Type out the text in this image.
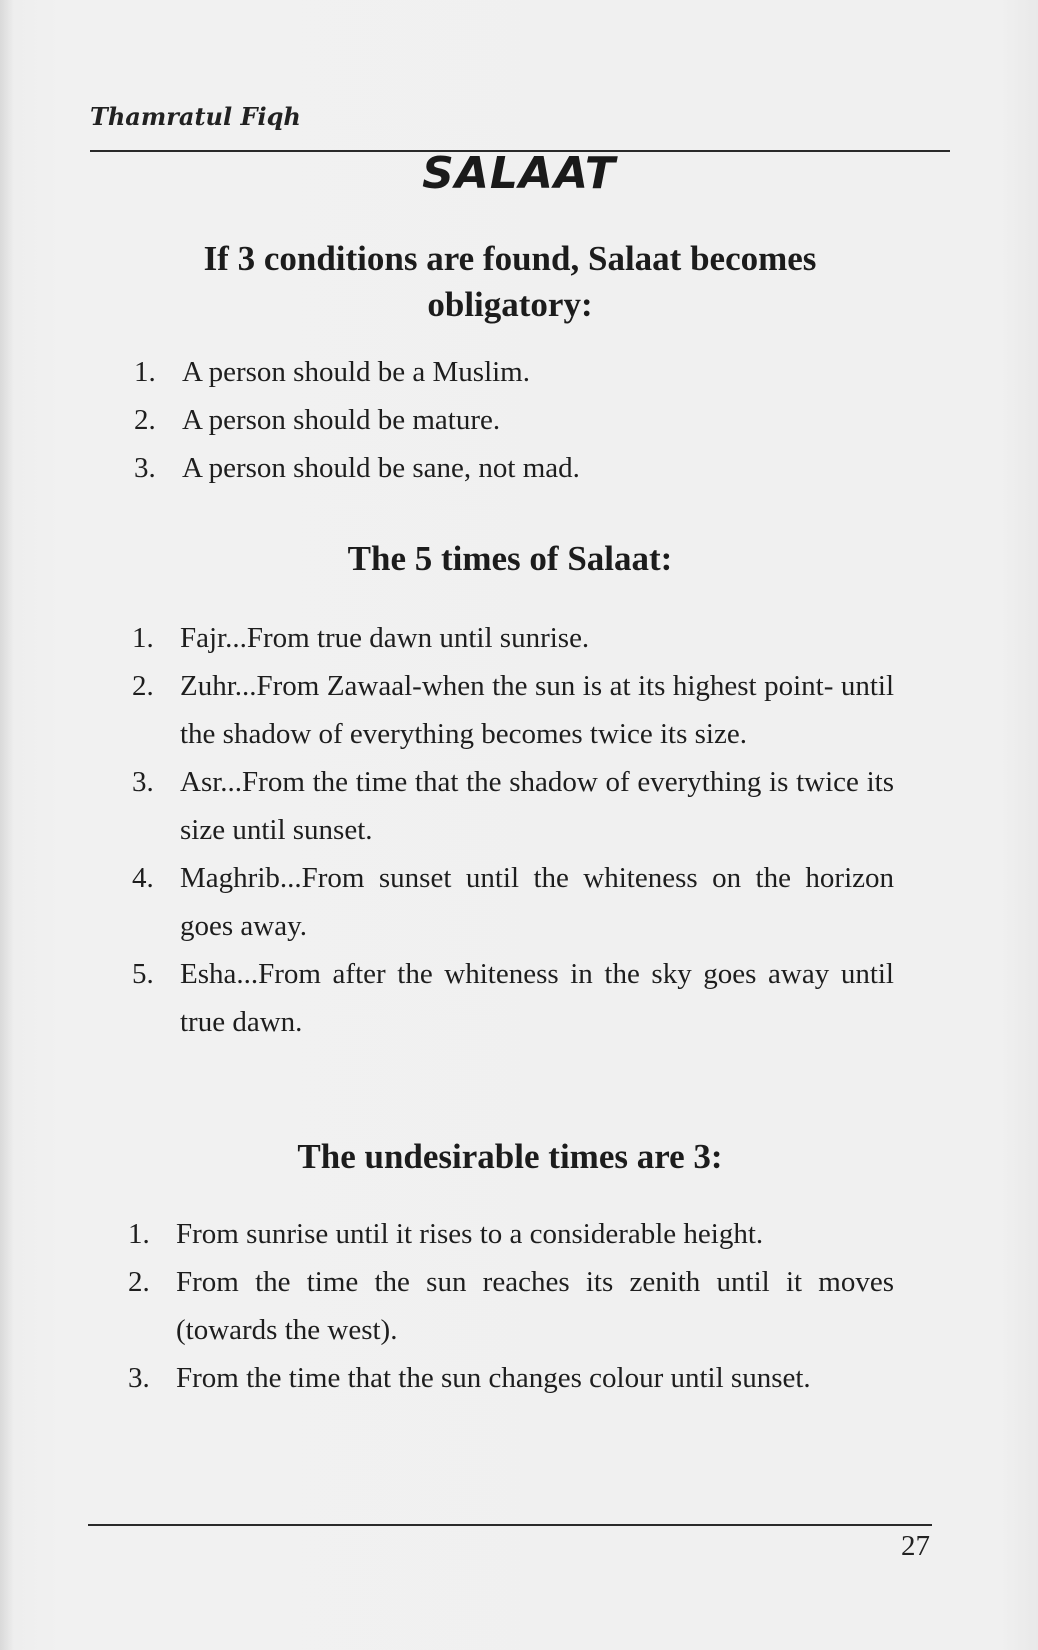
Thamratul Fiqh

SALAAT
If 3 conditions are found, Salaat becomes obligatory:
1. A person should be a Muslim.
2. A person should be mature.
3. A person should be sane, not mad.
The 5 times of Salaat:
1. Fajr...From true dawn until sunrise.
2. Zuhr...From Zawaal-when the sun is at its highest point- until the shadow of everything becomes twice its size.
3. Asr...From the time that the shadow of everything is twice its size until sunset.
4. Maghrib...From sunset until the whiteness on the horizon goes away.
5. Esha...From after the whiteness in the sky goes away until true dawn.
The undesirable times are 3:
1. From sunrise until it rises to a considerable height.
2. From the time the sun reaches its zenith until it moves (towards the west).
3. From the time that the sun changes colour until sunset.
27
